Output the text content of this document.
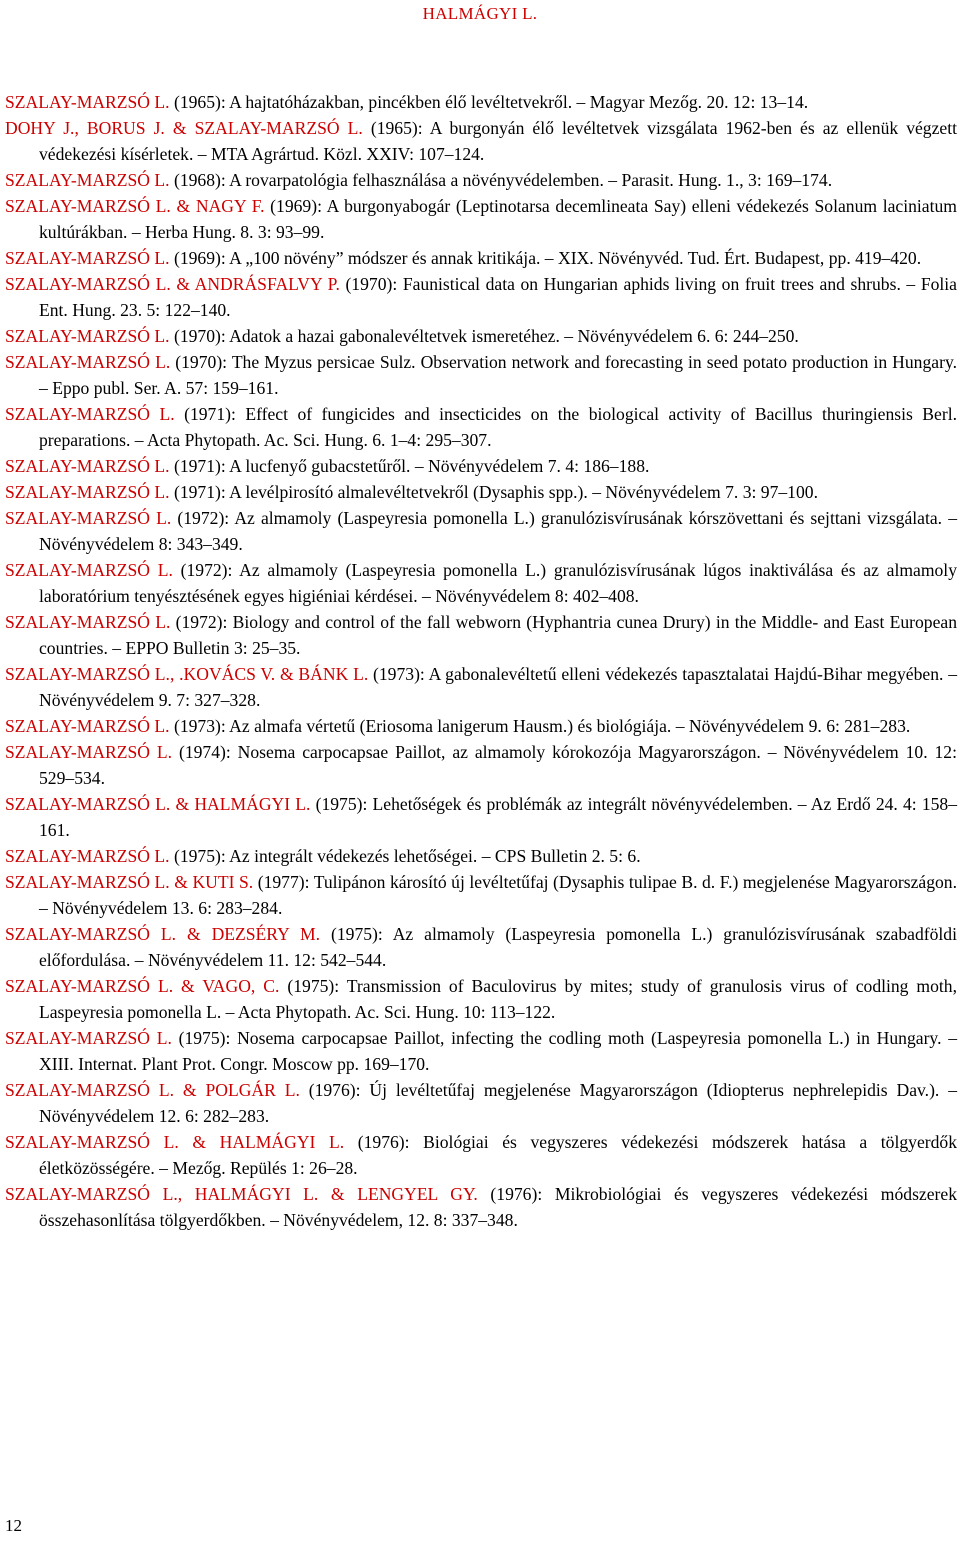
HALMÁGYI L.

SZALAY-MARZSÓ L. (1965): A hajtatóházakban, pincékben élő levéltetvekről. – Magyar Mezőg. 20. 12: 13–14.

DOHY J., BORUS J. & SZALAY-MARZSÓ L. (1965): A burgonyán élő levéltetvek vizsgálata 1962-ben és az ellenük végzett védekezési kísérletek. – MTA Agrártud. Közl. XXIV: 107–124.

SZALAY-MARZSÓ L. (1968): A rovarpatológia felhasználása a növényvédelemben. – Parasit. Hung. 1., 3: 169–174.

SZALAY-MARZSÓ L. & NAGY F. (1969): A burgonyabogár (Leptinotarsa decemlineata Say) elleni védekezés Solanum laciniatum kultúrákban. – Herba Hung. 8. 3: 93–99.

SZALAY-MARZSÓ L. (1969): A „100 növény” módszer és annak kritikája. – XIX. Növényvéd. Tud. Ért. Budapest, pp. 419–420.

SZALAY-MARZSÓ L. & ANDRÁSFALVY P. (1970): Faunistical data on Hungarian aphids living on fruit trees and shrubs. – Folia Ent. Hung. 23. 5: 122–140.

SZALAY-MARZSÓ L. (1970): Adatok a hazai gabonalevéltetvek ismeretéhez. – Növényvédelem 6. 6: 244–250.

SZALAY-MARZSÓ L. (1970): The Myzus persicae Sulz. Observation network and forecasting in seed potato production in Hungary. – Eppo publ. Ser. A. 57: 159–161.

SZALAY-MARZSÓ L. (1971): Effect of fungicides and insecticides on the biological activity of Bacillus thuringiensis Berl. preparations. – Acta Phytopath. Ac. Sci. Hung. 6. 1–4: 295–307.

SZALAY-MARZSÓ L. (1971): A lucfenyő gubacstetűről. – Növényvédelem 7. 4: 186–188.

SZALAY-MARZSÓ L. (1971): A levélpirosító almalevéltetvekről (Dysaphis spp.). – Növényvédelem 7. 3: 97–100.

SZALAY-MARZSÓ L. (1972): Az almamoly (Laspeyresia pomonella L.) granulózisvírusának kórszövettani és sejttani vizsgálata. – Növényvédelem 8: 343–349.

SZALAY-MARZSÓ L. (1972): Az almamoly (Laspeyresia pomonella L.) granulózisvírusának lúgos inaktiválása és az almamoly laboratórium tenyésztésének egyes higiéniai kérdései. – Növényvédelem 8: 402–408.

SZALAY-MARZSÓ L. (1972): Biology and control of the fall webworn (Hyphantria cunea Drury) in the Middle- and East European countries. – EPPO Bulletin 3: 25–35.

SZALAY-MARZSÓ L., .KOVÁCS V. & BÁNK L. (1973): A gabonalevéltetű elleni védekezés tapasztalatai Hajdú-Bihar megyében. – Növényvédelem 9. 7: 327–328.

SZALAY-MARZSÓ L. (1973): Az almafa vértetű (Eriosoma lanigerum Hausm.) és biológiája. – Növényvédelem 9. 6: 281–283.

SZALAY-MARZSÓ L. (1974): Nosema carpocapsae Paillot, az almamoly kórokozója Magyarországon. – Növényvédelem 10. 12: 529–534.

SZALAY-MARZSÓ L. & HALMÁGYI L. (1975): Lehetőségek és problémák az integrált növényvédelemben. – Az Erdő 24. 4: 158–161.

SZALAY-MARZSÓ L. (1975): Az integrált védekezés lehetőségei. – CPS Bulletin 2. 5: 6.

SZALAY-MARZSÓ L. & KUTI S. (1977): Tulipánon károsító új levéltetűfaj (Dysaphis tulipae B. d. F.) megjelenése Magyarországon. – Növényvédelem 13. 6: 283–284.

SZALAY-MARZSÓ L. & DEZSÉRY M. (1975): Az almamoly (Laspeyresia pomonella L.) granulózisvírusának szabadföldi előfordulása. – Növényvédelem 11. 12: 542–544.

SZALAY-MARZSÓ L. & VAGO, C. (1975): Transmission of Baculovirus by mites; study of granulosis virus of codling moth, Laspeyresia pomonella L. – Acta Phytopath. Ac. Sci. Hung. 10: 113–122.

SZALAY-MARZSÓ L. (1975): Nosema carpocapsae Paillot, infecting the codling moth (Laspeyresia pomonella L.) in Hungary. – XIII. Internat. Plant Prot. Congr. Moscow pp. 169–170.

SZALAY-MARZSÓ L. & POLGÁR L. (1976): Új levéltetűfaj megjelenése Magyarországon (Idiopterus nephrelepidis Dav.). – Növényvédelem 12. 6: 282–283.

SZALAY-MARZSÓ L. & HALMÁGYI L. (1976): Biológiai és vegyszeres védekezési módszerek hatása a tölgyerdők életközösségére. – Mezőg. Repülés 1: 26–28.

SZALAY-MARZSÓ L., HALMÁGYI L. & LENGYEL GY. (1976): Mikrobiológiai és vegyszeres védekezési módszerek összehasonlítása tölgyerdőkben. – Növényvédelem, 12. 8: 337–348.

12
